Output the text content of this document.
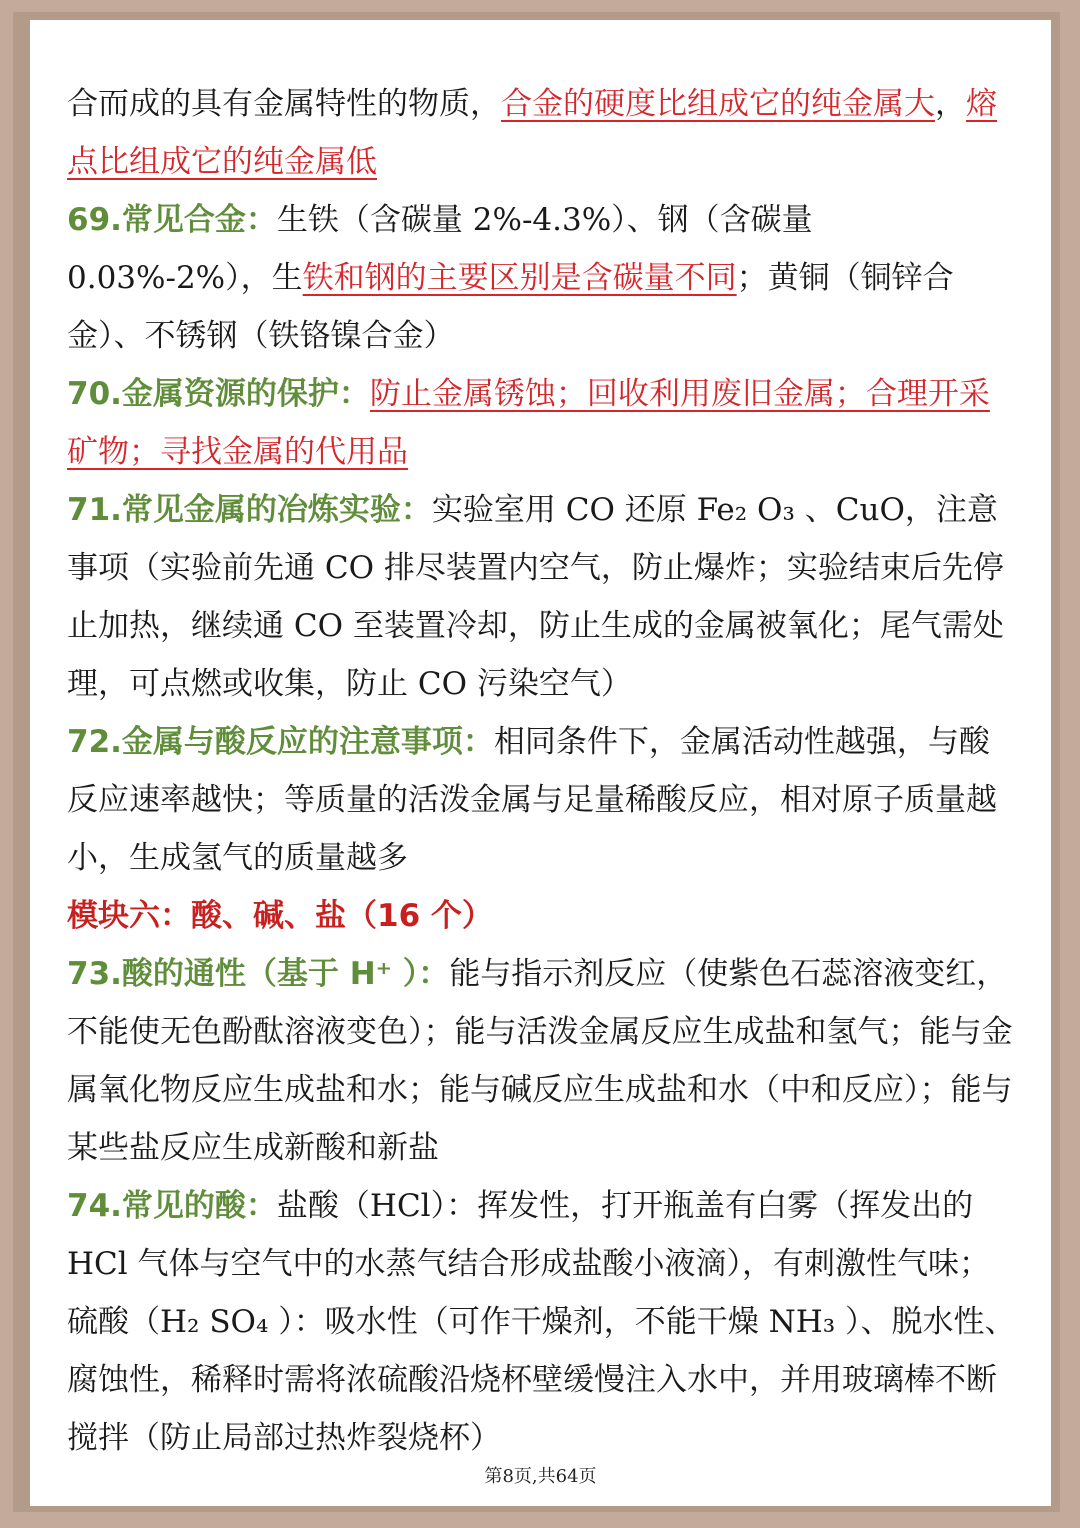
合而成的具有金属特性的物质，合金的硬度比组成它的纯金属大，熔点比组成它的纯金属低

69.常见合金：生铁（含碳量 2%-4.3%）、钢（含碳量 0.03%-2%），生铁和钢的主要区别是含碳量不同；黄铜（铜锌合金）、不锈钢（铁铬镍合金）

70.金属资源的保护：防止金属锈蚀；回收利用废旧金属；合理开采矿物；寻找金属的代用品

71.常见金属的冶炼实验：实验室用 CO 还原 Fe₂ O₃ 、CuO，注意事项（实验前先通 CO 排尽装置内空气，防止爆炸；实验结束后先停止加热，继续通 CO 至装置冷却，防止生成的金属被氧化；尾气需处理，可点燃或收集，防止 CO 污染空气）

72.金属与酸反应的注意事项：相同条件下，金属活动性越强，与酸反应速率越快；等质量的活泼金属与足量稀酸反应，相对原子质量越小，生成氢气的质量越多

模块六：酸、碱、盐（16 个）

73.酸的通性（基于 H⁺ ）：能与指示剂反应（使紫色石蕊溶液变红，不能使无色酚酞溶液变色）；能与活泼金属反应生成盐和氢气；能与金属氧化物反应生成盐和水；能与碱反应生成盐和水（中和反应）；能与某些盐反应生成新酸和新盐

74.常见的酸：盐酸（HCl）：挥发性，打开瓶盖有白雾（挥发出的 HCl 气体与空气中的水蒸气结合形成盐酸小液滴），有刺激性气味；硫酸（H₂ SO₄ ）：吸水性（可作干燥剂，不能干燥 NH₃ ）、脱水性、腐蚀性，稀释时需将浓硫酸沿烧杯壁缓慢注入水中，并用玻璃棒不断搅拌（防止局部过热炸裂烧杯）

第8页,共64页
